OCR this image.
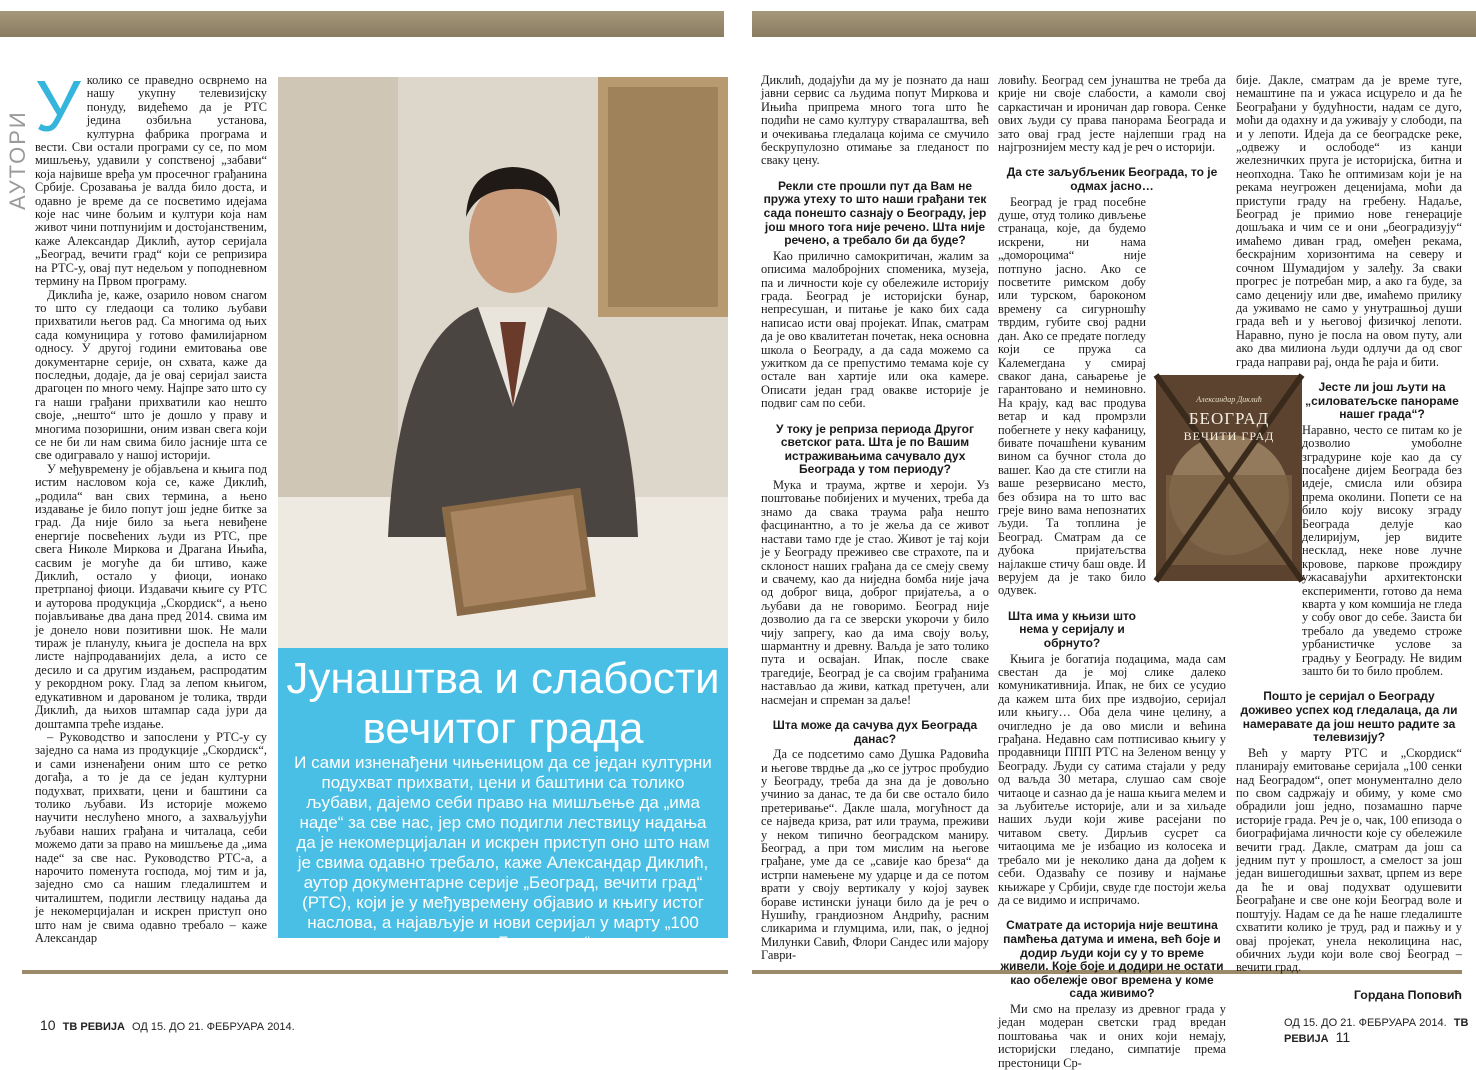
АУТОРИ
У колико се праведно осврнемо на нашу укупну телевизијску понуду, видећемо да је РТС једина озбиљна установа, културна фабрика програма и вести. Сви остали програми су се, по мом мишљењу, удавили у сопственој „забави“ која највише вређа ум просечног грађанина Србије. Срозавања је валда било доста, и одавно је време да се посветимо идејама које нас чине бољим и култури која нам живот чини потпунијим и достојанственим, каже Александар Диклић, аутор серијала „Београд, вечити град“ који се репризира на РТС-у, овај пут недељом у поподневном термину на Првом програму.

Диклића је, каже, озарило новом снагом то што су гледаоци са толико љубави прихватили његов рад. Са многима од њих сада комуницира у готово фамилијарном односу. У другој години емитовања ове документарне серије, он схвата, каже да последњи, додаје, да је овај серијал заиста драгоцен по много чему. Најпре зато што су га наши грађани прихватили као нешто своје, „нешто“ што је дошло у праву и многима позоришни, оним изван свега који се не би ли нам свима било јасније шта се све одигравало у нашој историји.

У међувремену је објављена и књига под истим насловом која се, каже Диклић, „родила“ ван свих термина, а њено издавање је било попут још једне битке за град. Да није било за њега невиђене енергије посвећених људи из РТС, пре свега Николе Миркова и Драгана Ињића, сасвим је могуће да би штиво, каже Диклић, остало у фиоци, ионако претрпаној фиоци. Издавачи књиге су РТС и ауторова продукција „Скордиск“, а њено појављивање два дана пред 2014. свима им је донело нови позитивни шок. Не мали тираж је планулу, књига је доспела на врх листе најпродаванијих дела, а исто се десило и са другим издањем, распродатим у рекордном року. Глад за лепом књигом, едукативном и дарованом је толика, тврди Диклић, да њихов штампар сада јури да доштампа треће издање.

– Руководство и запослени у РТС-у су заједно са нама из продукције „Скордиск“, и сами изненађени оним што се ретко догађа, а то је да се један културни подухват, прихвати, цени и баштини са толико љубави. Из историје можемо научити неслућено много, а захваљујући љубави наших грађана и читалаца, себи можемо дати за право на мишљење да „има наде“ за све нас. Руководство РТС-а, а нарочито поменута господа, мој тим и ја, заједно смо са нашим гледалиштем и читалиштем, подигли лествицу надања да је некомерцијалан и искрен приступ оно што нам је свима одавно требало – каже Александар

Јунаштва и слабости вечитог града
И сами изненађени чињеницом да се један културни подухват прихвати, цени и баштини са толико љубави, дајемо себи право на мишљење да „има наде“ за све нас, јер смо подигли лествицу надања да је некомерцијалан и искрен приступ оно што нам је свима одавно требало, каже Александар Диклић, аутор документарне серије „Београд, вечити град“ (РТС), који је у међувремену објавио и књигу истог наслова, а најављује и нови серијал у марту „100 сенки над Београдом“

Диклић, додајући да му је познато да наш јавни сервис са људима попут Миркова и Ињића припрема много тога што ће подићи не само културу стваралаштва, већ и очекивања гледалаца којима се смучило бескрупулозно отимање за гледаност по сваку цену.

Рекли сте прошли пут да Вам не пружа утеху то што наши грађани тек сада понешто сазнају о Београду, јер још много тога није речено. Шта није речено, а требало би да буде?

Као прилично самокритичан, жалим за описима малобројних споменика, музеја, па и личности које су обележиле историју града. Београд је историјски бунар, непресушан, и питање је како бих сада написао исти овај пројекат. Ипак, сматрам да је ово квалитетан почетак, нека основна школа о Београду, а да сада можемо са ужитком да се препустимо темама које су остале ван хартије или ока камере. Описати један град овакве историје је подвиг сам по себи.

У току је реприза периода Другог светског рата. Шта је по Вашим истраживањима сачувало дух Београда у том периоду?

Мука и траума, жртве и хероји. Уз поштовање побијених и мучених, треба да знамо да свака траума рађа нешто фасцинантно, а то је жеља да се живот настави тамо где је стао. Живот је тај који је у Београду преживео све страхоте, па и склоност наших грађана да се смеју свему и свачему, као да ниједна бомба није јача од доброг вица, доброг пријатеља, а о љубави да не говоримо. Београд није дозволио да га се зверски укорочи у било чију запрегу, као да има своју вољу, шармантну и древну. Ваљда је зато толико пута и освајан. Ипак, после сваке трагедије, Београд је са својим грађанима настављао да живи, каткад претучен, али насмејан и спреман за даље!

Шта може да сачува дух Београда данас?

Да се подсетимо само Душка Радовића и његове тврдње да „ко се јутрос пробудио у Београду, треба да зна да је довољно учинио за данас, те да би све остало било претеривање“. Дакле шала, могућност да се најведа криза, рат или траума, преживи у неком типично београдском маниру. Београд, а при том мислим на његове грађане, уме да се „савије као бреза“ да истрпи намењене му ударце и да се потом врати у своју вертикалу у којој заувек бораве истински јунаци било да је реч о Нушићу, грандиозном Андрићу, расним сликарима и глумцима, или, пак, о једној Милунки Савић, Флори Сандес или мајору Гаври-

ловићу. Београд сем јунаштва не треба да крије ни своје слабости, а камоли свој саркастичан и ироничан дар говора. Сенке ових људи су права панорама Београда и зато овај град јесте најлепши град на најгрознијем месту кад је реч о историји.

Да сте заљубљеник Београда, то је одмах јасно…

Београд је град посебне душе, отуд толико дивљење странаца, које, да будемо искрени, ни нама „домороцима“ није потпуно јасно. Ако се посветите римском добу или турском, бароконом времену са сигурношћу тврдим, губите свој радни дан. Ако се предате погледу који се пружа са Калемегдана у смирај сваког дана, сањарење је гарантовано и неминовно. На крају, кад вас продува ветар и кад промрзли побегнете у неку кафаницу, бивате почашћени куваним вином са бучног стола до вашег. Као да сте стигли на ваше резервисано место, без обзира на то што вас греје вино вама непознатих људи. Та топлина је Београд. Сматрам да се дубока пријатељства најлакше стичу баш овде. И верујем да је тако било одувек.

Шта има у књизи што нема у серијалу и обрнуто?

Књига је богатија подацима, мада сам свестан да је мој слике далеко комуникативнија. Ипак, не бих се усудио да кажем шта бих пре издвојио, серијал или књигу… Оба дела чине целину, а очигледно је да ово мисли и већина грађана. Недавно сам потписивао књигу у продавници ППП РТС на Зеленом венцу у Београду. Људи су сатима стајали у реду од ваљда 30 метара, слушао сам своје читаоце и сазнао да је наша књига мелем и за љубитеље историје, али и за хиљаде наших људи који живе расејани по читавом свету. Дирљив сусрет са читаоцима ме је избацио из колосека и требало ми је неколико дана да дођем к себи. Одазваћу се позиву и најмање књижаре у Србији, свуде где постоји жеља да се видимо и испричамо.

Сматрате да историја није вештина памћења датума и имена, већ боје и додир људи који су у то време живели. Које боје и додири не остати као обележје овог времена у коме сада живимо?

Ми смо на прелазу из древног града у један модеран светски град вредан поштовања чак и оних који немају, историјски гледано, симпатије према престоници Ср-

Александар Диклић
БЕОГРАД
ВЕЧИТИ ГРАД

бије. Дакле, сматрам да је време туге, немаштине па и ужаса исцурело и да ће Београђани у будућности, надам се дуго, моћи да одахну и да уживају у слободи, па и у лепоти. Идеја да се београдске реке, „одвежу и ослободе“ из канџи железничких пруга је историјска, битна и неопходна. Тако ће оптимизам који је на рекама неугрожен деценијама, моћи да приступи граду на гребену. Надаље, Београд је примио нове генерације дошљака и чим се и они „београдизују“ имаћемо диван град, омеђен рекама, бескрајним хоризонтима на северу и сочном Шумадијом у залеђу. За сваки прогрес је потребан мир, а ако га буде, за само деценију или две, имаћемо прилику да уживамо не само у унутрашњој души града већ и у његовој физичкој лепоти. Наравно, пуно је посла на овом путу, али ако два милиона људи одлучи да од свог града направи рај, онда ће раја и бити.

Јесте ли још љути на „силоватељске панораме нашег града“?

Наравно, често се питам ко је дозволио умоболне зградурине које као да су посађене дијем Београда без идеје, смисла или обзира према околини. Попети се на било коју високу зграду Београда делује као делиријум, јер видите несклад, неке нове лучне кровове, паркове прождиру ужасавајући архитектонски експерименти, готово да нема кварта у ком комшија не гледа у собу овог до себе. Заиста би требало да уведемо строже урбанистичке услове за градњу у Београду. Не видим зашто би то било проблем.

Пошто је серијал о Београду доживео успех код гледалаца, да ли намеравате да још нешто радите за телевизију?

Већ у марту РТС и „Скордиск“ планирају емитовање серијала „100 сенки над Београдом“, опет монументално дело по свом садржају и обиму, у коме смо обрадили још једно, позамашно парче историје града. Реч је о, чак, 100 епизода о биографијама личности које су обележиле вечити град. Дакле, сматрам да још са једним пут у прошлост, а смелост за још један вишегодишњи захват, црпем из вере да ће и овај подухват одушевити Београђане и све оне који Београд воле и поштују. Надам се да ће наше гледалиште схватити колико је труд, рад и пажњу и у овај пројекат, унела неколицина нас, обичних људи који воле свој Београд – вечити град.

Гордана Поповић

10 ТВ РЕВИЈА ОД 15. ДО 21. ФЕБРУАРА 2014.	ОД 15. ДО 21. ФЕБРУАРА 2014. ТВ РЕВИЈА 11
